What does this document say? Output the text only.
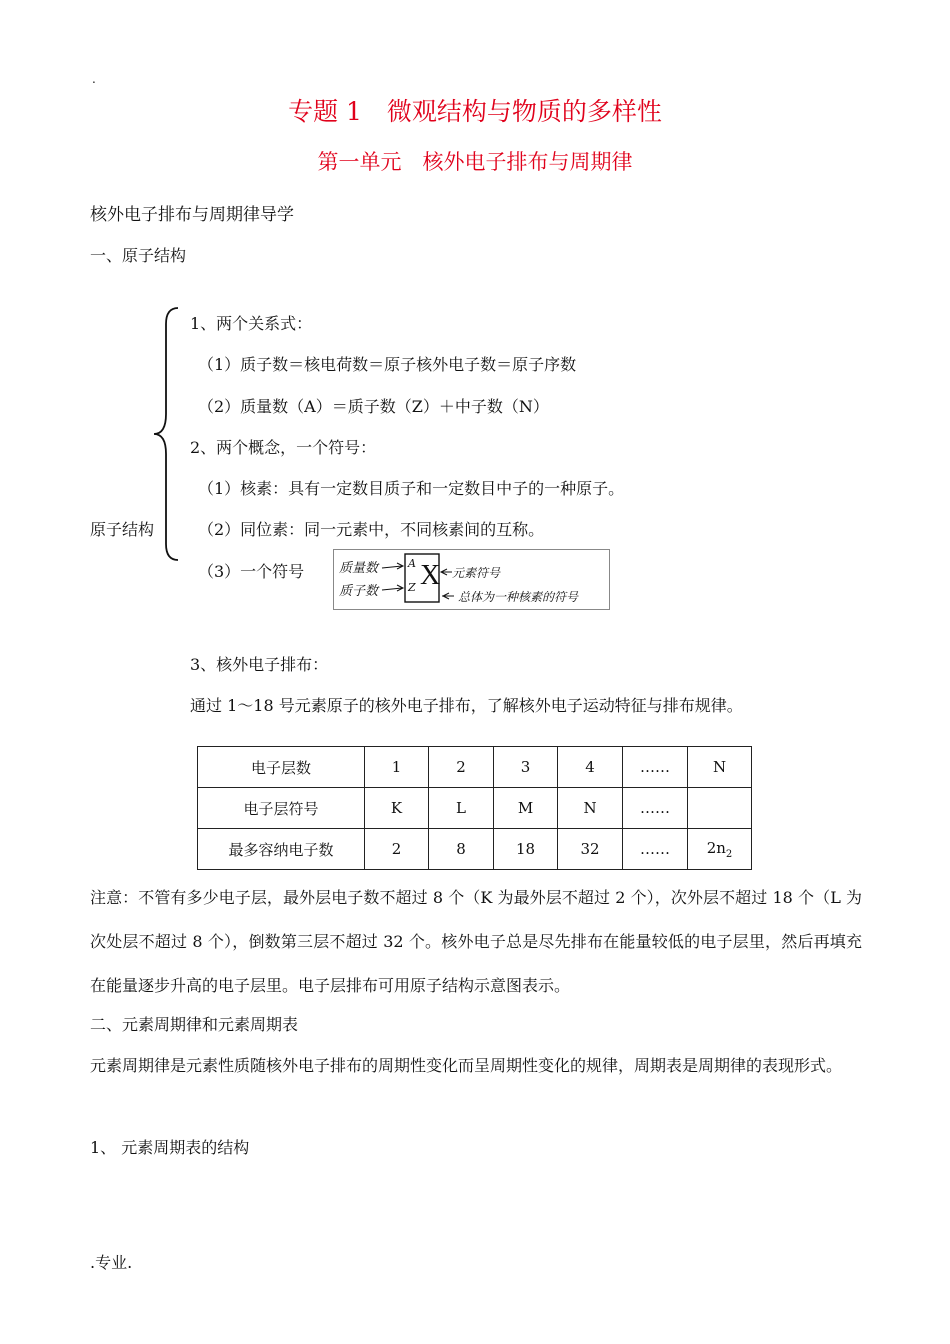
.
专题 1　微观结构与物质的多样性
第一单元　核外电子排布与周期律
核外电子排布与周期律导学
一、原子结构
原子结构
1、两个关系式：
（1）质子数＝核电荷数＝原子核外电子数＝原子序数
（2）质量数（A）＝质子数（Z）＋中子数（N）
2、两个概念，一个符号：
（1）核素：具有一定数目质子和一定数目中子的一种原子。
（2）同位素：同一元素中，不同核素间的互称。
（3）一个符号	质量数
质子数
A
Z X 元素符号
总体为一种核素的符号
3、核外电子排布：
通过 1～18 号元素原子的核外电子排布，了解核外电子运动特征与排布规律。
电子层数	1	2	3	4	……	N
电子层符号	K	L	M	N	……	
最多容纳电子数	2	8	18	32	……	$2n_2$
注意：不管有多少电子层，最外层电子数不超过 8 个（K 为最外层不超过 2 个），次外层不超过 18 个（L 为次处层不超过 8 个），倒数第三层不超过 32 个。核外电子总是尽先排布在能量较低的电子层里，然后再填充在能量逐步升高的电子层里。电子层排布可用原子结构示意图表示。
二、元素周期律和元素周期表
元素周期律是元素性质随核外电子排布的周期性变化而呈周期性变化的规律，周期表是周期律的表现形式。
1、 元素周期表的结构
.专业.
